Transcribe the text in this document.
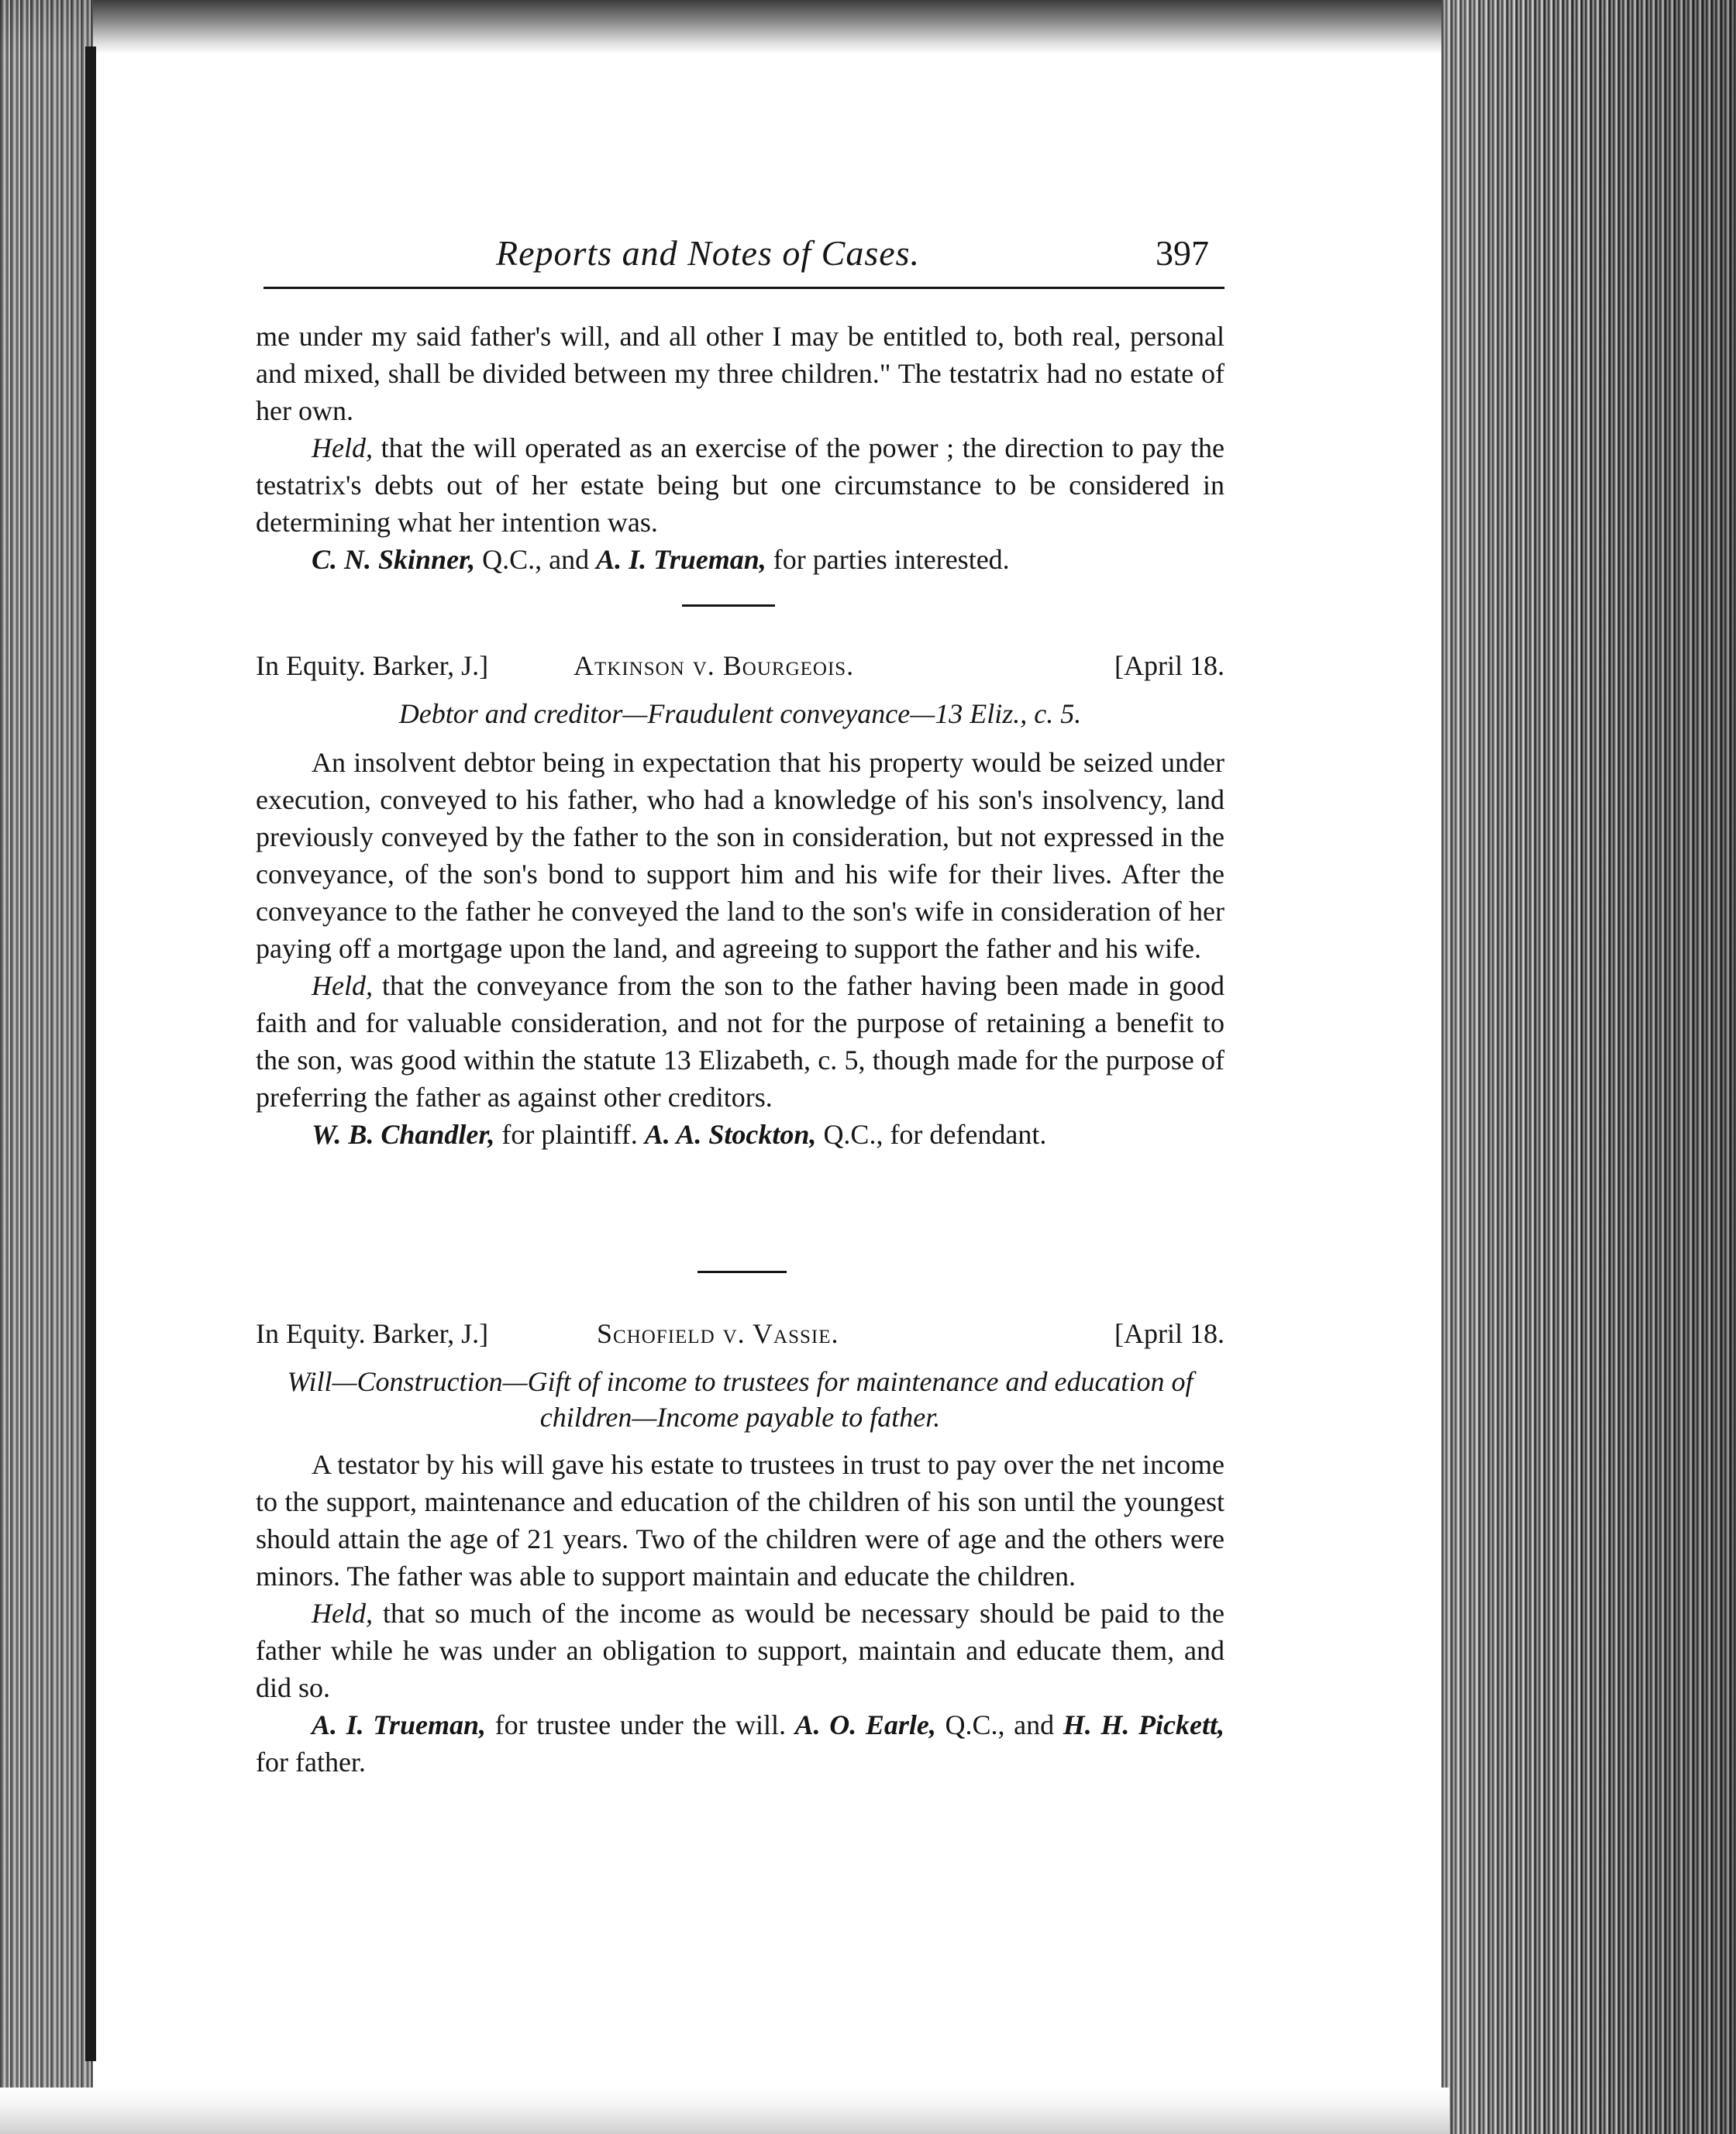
Reports and Notes of Cases.	397

me under my said father's will, and all other I may be entitled to, both real, personal and mixed, shall be divided between my three children." The testatrix had no estate of her own.

Held, that the will operated as an exercise of the power ; the direction to pay the testatrix's debts out of her estate being but one circumstance to be considered in determining what her intention was.

C. N. Skinner, Q.C., and A. I. Trueman, for parties interested.

In Equity. Barker, J.]	Atkinson v. Bourgeois.	[April 18.
Debtor and creditor—Fraudulent conveyance—13 Eliz., c. 5.

An insolvent debtor being in expectation that his property would be seized under execution, conveyed to his father, who had a knowledge of his son's insolvency, land previously conveyed by the father to the son in consideration, but not expressed in the conveyance, of the son's bond to support him and his wife for their lives. After the conveyance to the father he conveyed the land to the son's wife in consideration of her paying off a mortgage upon the land, and agreeing to support the father and his wife.

Held, that the conveyance from the son to the father having been made in good faith and for valuable consideration, and not for the purpose of retaining a benefit to the son, was good within the statute 13 Elizabeth, c. 5, though made for the purpose of preferring the father as against other creditors.

W. B. Chandler, for plaintiff. A. A. Stockton, Q.C., for defendant.

In Equity. Barker, J.]	Schofield v. Vassie.	[April 18.
Will—Construction—Gift of income to trustees for maintenance and education of children—Income payable to father.

A testator by his will gave his estate to trustees in trust to pay over the net income to the support, maintenance and education of the children of his son until the youngest should attain the age of 21 years. Two of the children were of age and the others were minors. The father was able to support maintain and educate the children.

Held, that so much of the income as would be necessary should be paid to the father while he was under an obligation to support, maintain and educate them, and did so.

A. I. Trueman, for trustee under the will. A. O. Earle, Q.C., and H. H. Pickett, for father.
